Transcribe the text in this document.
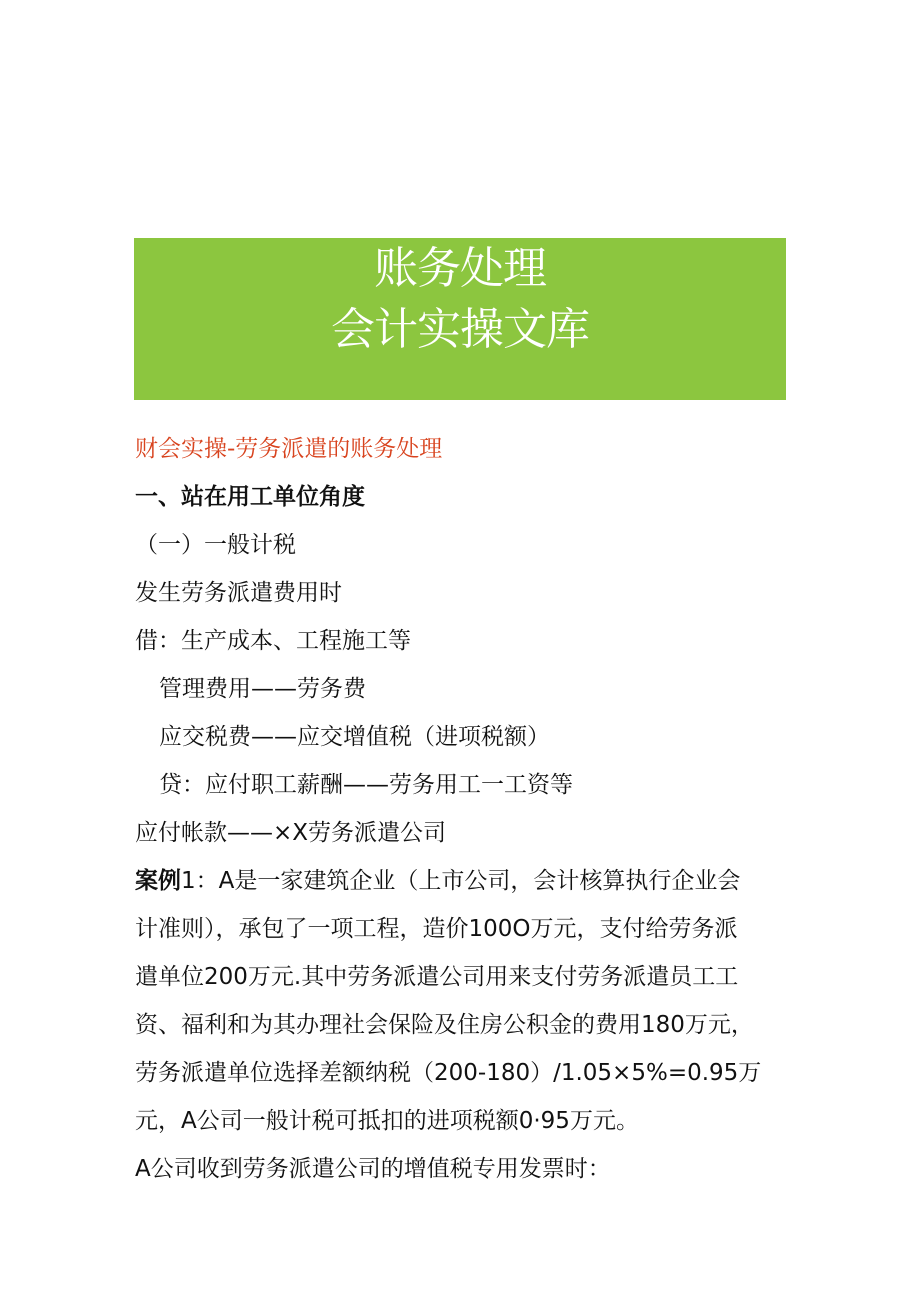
账务处理
会计实操文库

财会实操-劳务派遣的账务处理

一、站在用工单位角度

（一）一般计税

发生劳务派遣费用时

借：生产成本、工程施工等

管理费用——劳务费

应交税费——应交增值税（进项税额）

贷：应付职工薪酬——劳务用工一工资等

应付帐款——×X劳务派遣公司

案例1：A是一家建筑企业（上市公司，会计核算执行企业会
计准则），承包了一项工程，造价100O万元，支付给劳务派
遣单位200万元.其中劳务派遣公司用来支付劳务派遣员工工
资、福利和为其办理社会保险及住房公积金的费用180万元，
劳务派遣单位选择差额纳税（200-180）/1.05×5%=0.95万
元，A公司一般计税可抵扣的进项税额0·95万元。

A公司收到劳务派遣公司的增值税专用发票时：
